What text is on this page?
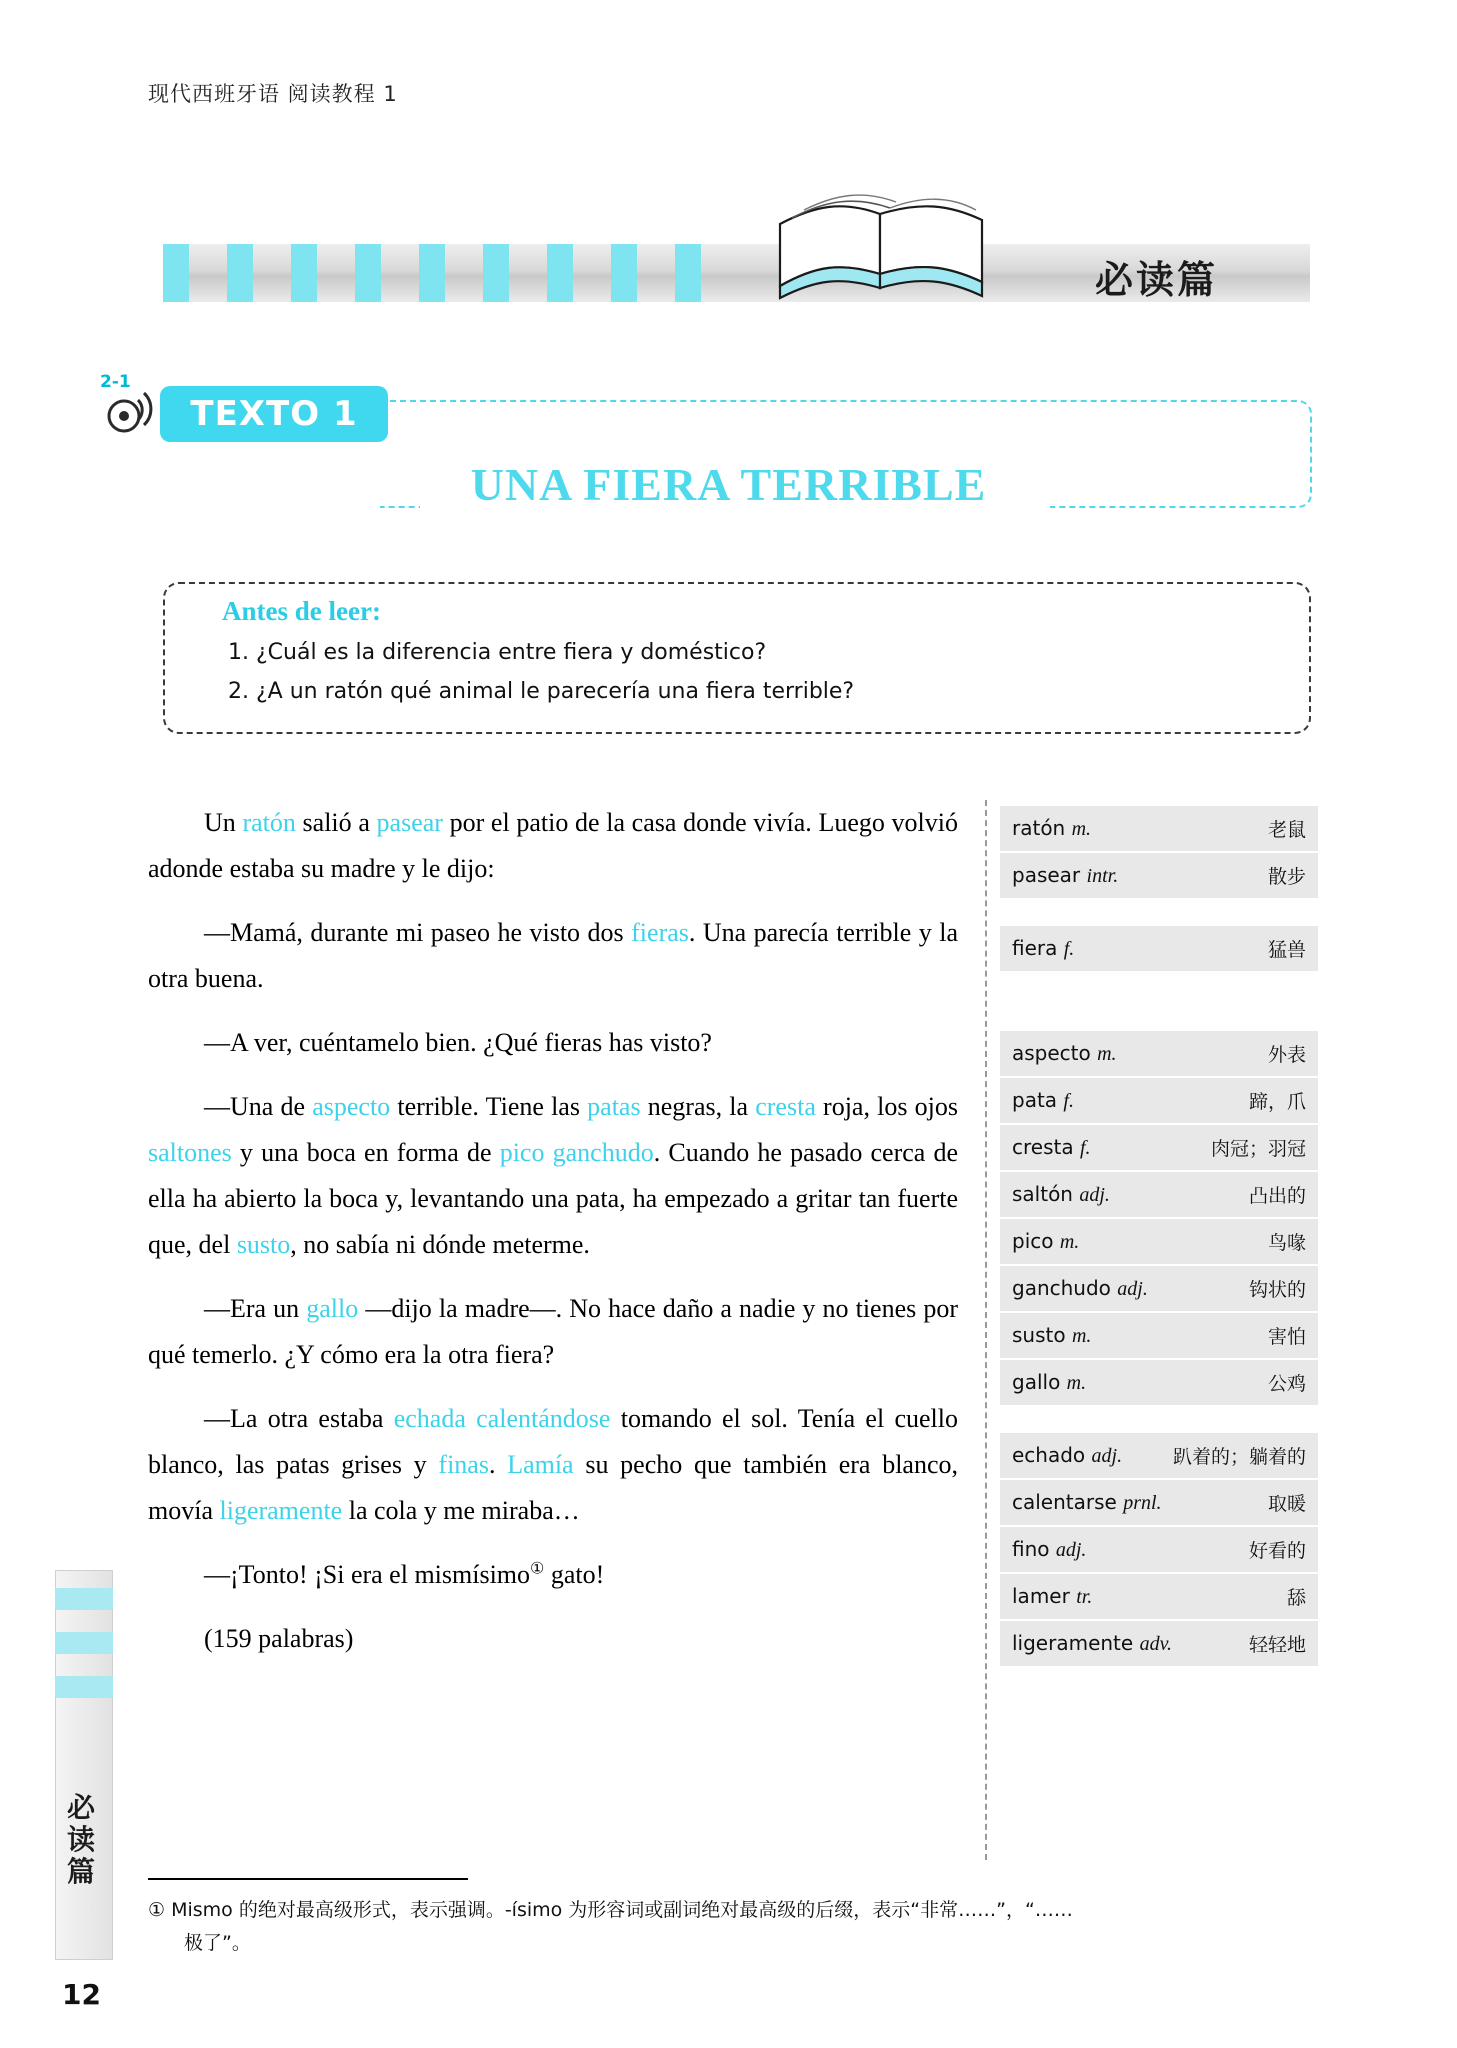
现代西班牙语 阅读教程 1
必读篇
2-1
TEXTO 1
UNA FIERA TERRIBLE
Antes de leer:
1. ¿Cuál es la diferencia entre fiera y doméstico?
2. ¿A un ratón qué animal le parecería una fiera terrible?

Un ratón salió a pasear por el patio de la casa donde vivía. Luego volvió adonde estaba su madre y le dijo:

—Mamá, durante mi paseo he visto dos fieras. Una parecía terrible y la otra buena.

—A ver, cuéntamelo bien. ¿Qué fieras has visto?

—Una de aspecto terrible. Tiene las patas negras, la cresta roja, los ojos saltones y una boca en forma de pico ganchudo. Cuando he pasado cerca de ella ha abierto la boca y, levantando una pata, ha empezado a gritar tan fuerte que, del susto, no sabía ni dónde meterme.

—Era un gallo —dijo la madre—. No hace daño a nadie y no tienes por qué temerlo. ¿Y cómo era la otra fiera?

—La otra estaba echada calentándose tomando el sol. Tenía el cuello blanco, las patas grises y finas. Lamía su pecho que también era blanco, movía ligeramente la cola y me miraba…

—¡Tonto! ¡Si era el mismísimo① gato!

(159 palabras)

ratón m.	老鼠
pasear intr.	散步
fiera f.	猛兽
aspecto m.	外表
pata f.	蹄，爪
cresta f.	肉冠；羽冠
saltón adj.	凸出的
pico m.	鸟喙
ganchudo adj.	钩状的
susto m.	害怕
gallo m.	公鸡
echado adj.	趴着的；躺着的
calentarse prnl.	取暖
fino adj.	好看的
lamer tr.	舔
ligeramente adv.	轻轻地
① Mismo 的绝对最高级形式，表示强调。-ísimo 为形容词或副词绝对最高级的后缀，表示“非常……”，“……
极了”。
12
必
读
篇
